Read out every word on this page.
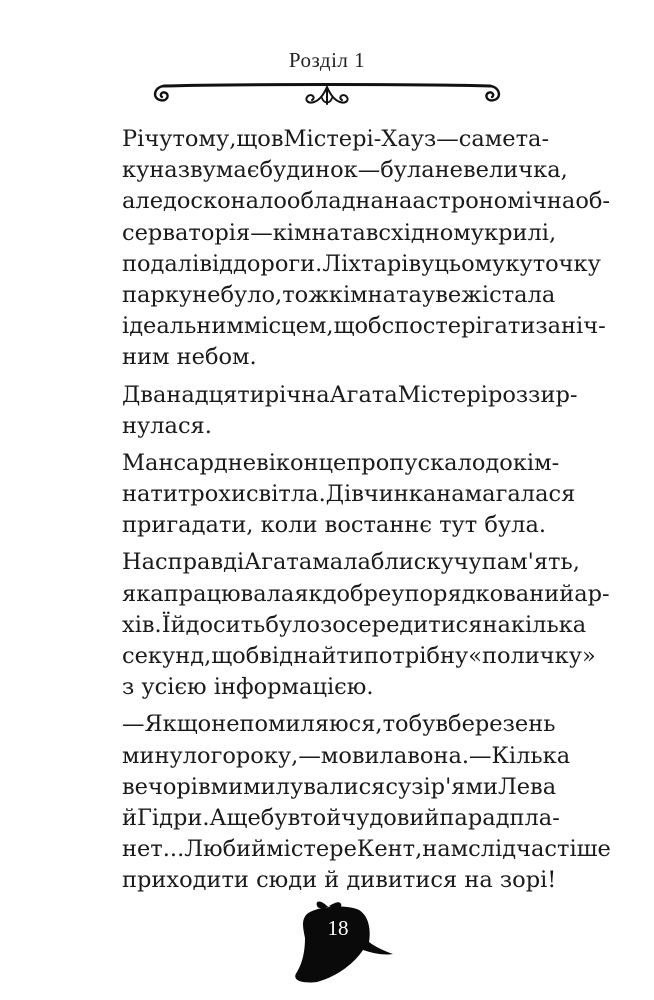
Розділ 1

Річ у тому, що в Містері-Хауз — саме та-
ку назву має будинок — була невеличка,
але досконало обладнана астрономічна об-
серваторія — кімната в східному крилі,
подалі від дороги. Ліхтарів у цьому куточку
парку не було, тож кімната у вежі стала
ідеальним місцем, щоб спостерігати за ніч-
ним небом.

Дванадцятирічна Агата Містері роззир-
нулася.

Мансардне віконце пропускало до кім-
нати трохи світла. Дівчинка намагалася
пригадати, коли востаннє тут була.

Насправді Агата мала блискучу пам'ять,
яка працювала як добре упорядкований ар-
хів. Їй досить було зосередитися на кілька
секунд, щоб віднайти потрібну «поличку»
з усією інформацією.

— Якщо не помиляюся, то був березень
минулого року, — мовила вона. — Кілька
вечорів ми милувалися сузір'ями Лева
й Гідри. А ще був той чудовий парад пла-
нет... Любий містере Кент, нам слід частіше
приходити сюди й дивитися на зорі!

18
